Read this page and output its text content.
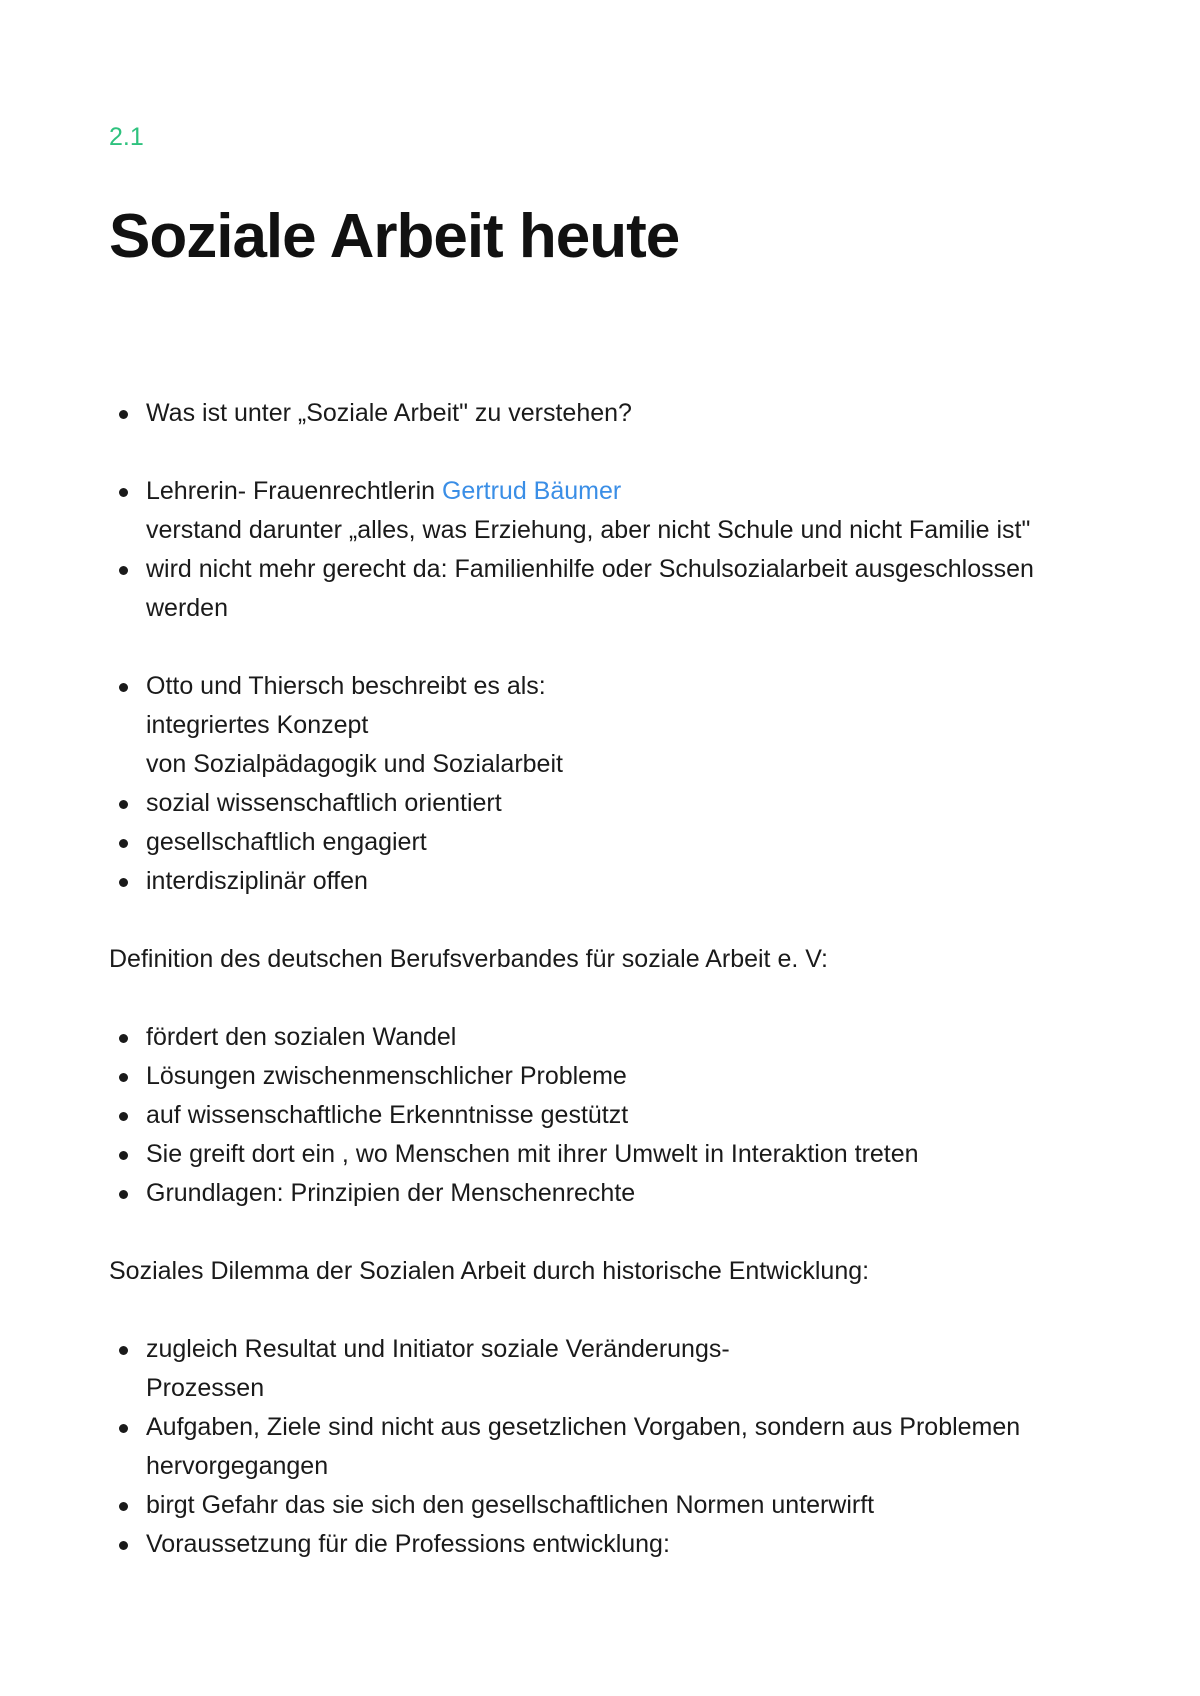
2.1
Soziale Arbeit heute
Was ist unter „Soziale Arbeit" zu verstehen?
Lehrerin- Frauenrechtlerin Gertrud Bäumer
verstand darunter „alles, was Erziehung, aber nicht Schule und nicht Familie ist"
wird nicht mehr gerecht da: Familienhilfe oder Schulsozialarbeit ausgeschlossen
werden
Otto und Thiersch beschreibt es als:
integriertes Konzept
von Sozialpädagogik und Sozialarbeit
sozial wissenschaftlich orientiert
gesellschaftlich engagiert
interdisziplinär offen

Definition des deutschen Berufsverbandes für soziale Arbeit e. V:

fördert den sozialen Wandel
Lösungen zwischenmenschlicher Probleme
auf wissenschaftliche Erkenntnisse gestützt
Sie greift dort ein , wo Menschen mit ihrer Umwelt in Interaktion treten
Grundlagen: Prinzipien der Menschenrechte

Soziales Dilemma der Sozialen Arbeit durch historische Entwicklung:

zugleich Resultat und Initiator soziale Veränderungs-
Prozessen
Aufgaben, Ziele sind nicht aus gesetzlichen Vorgaben, sondern aus Problemen
hervorgegangen
birgt Gefahr das sie sich den gesellschaftlichen Normen unterwirft
Voraussetzung für die Professions entwicklung:
